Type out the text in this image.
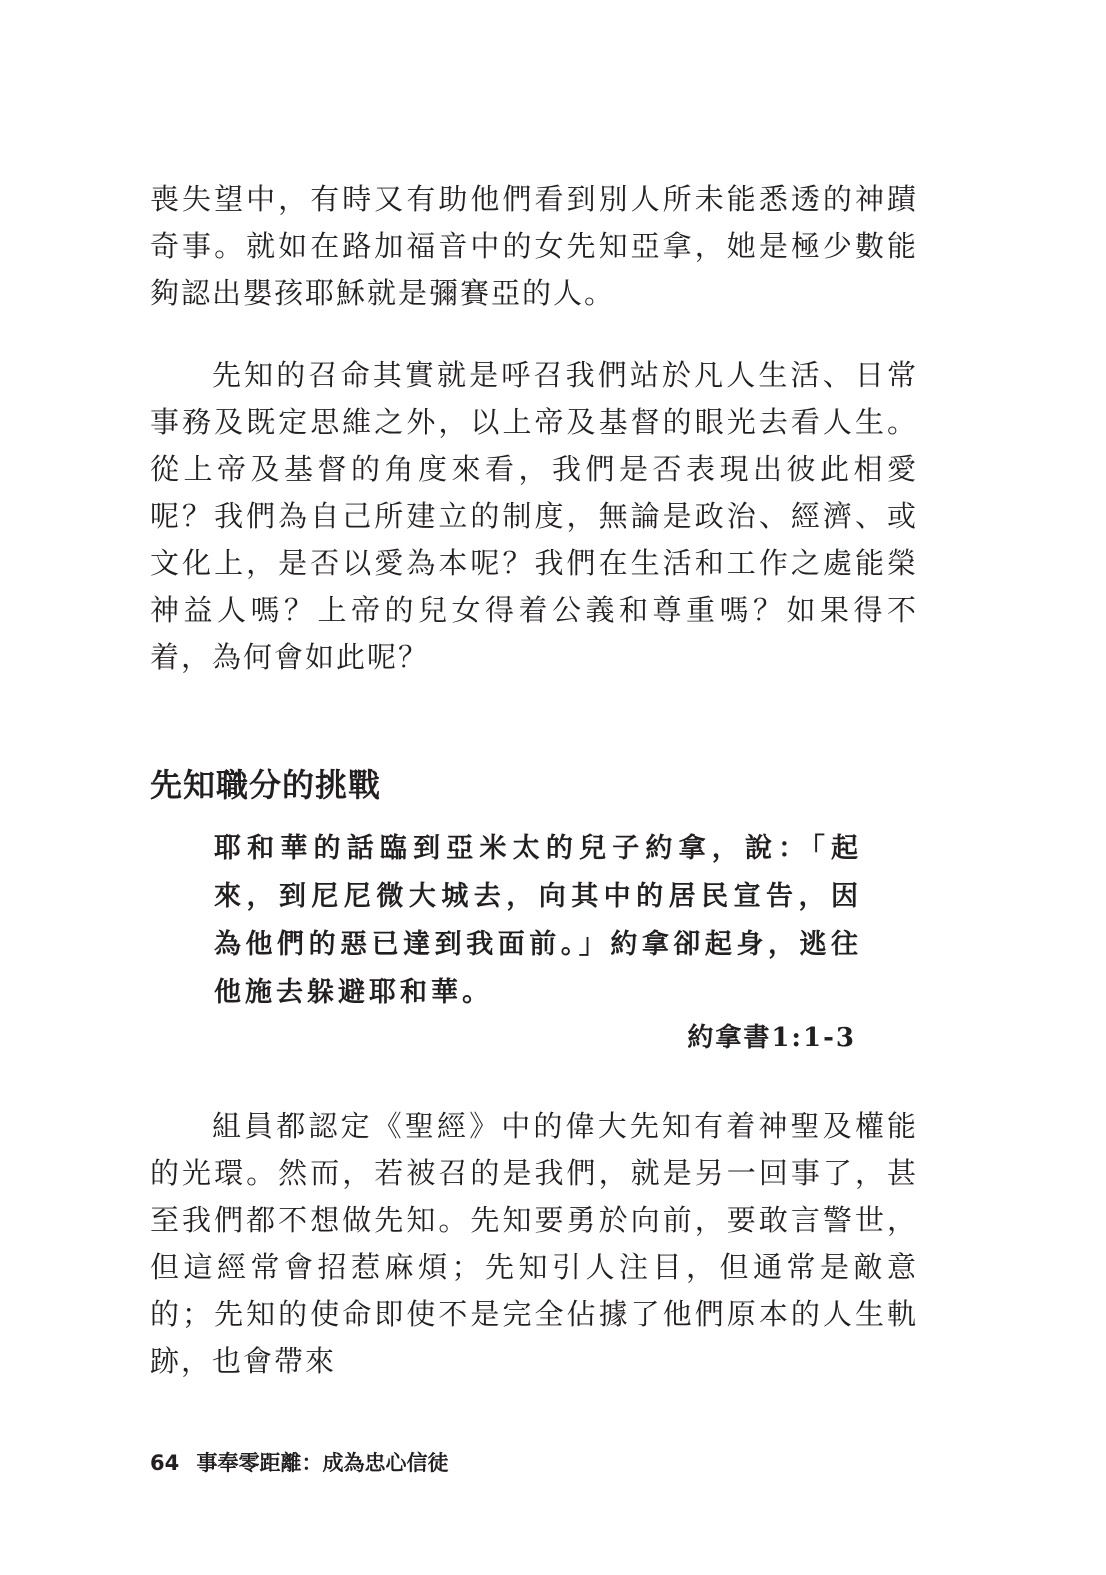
喪失望中，有時又有助他們看到別人所未能悉透的神蹟奇事。就如在路加福音中的女先知亞拿，她是極少數能夠認出嬰孩耶穌就是彌賽亞的人。

先知的召命其實就是呼召我們站於凡人生活、日常事務及既定思維之外，以上帝及基督的眼光去看人生。從上帝及基督的角度來看，我們是否表現出彼此相愛呢？我們為自己所建立的制度，無論是政治、經濟、或文化上，是否以愛為本呢？我們在生活和工作之處能榮神益人嗎？上帝的兒女得着公義和尊重嗎？如果得不着，為何會如此呢？

先知職分的挑戰

耶和華的話臨到亞米太的兒子約拿，說：「起來，到尼尼微大城去，向其中的居民宣告，因為他們的惡已達到我面前。」約拿卻起身，逃往他施去躲避耶和華。

約拿書1:1-3

組員都認定《聖經》中的偉大先知有着神聖及權能的光環。然而，若被召的是我們，就是另一回事了，甚至我們都不想做先知。先知要勇於向前，要敢言警世，但這經常會招惹麻煩；先知引人注目，但通常是敵意的；先知的使命即使不是完全佔據了他們原本的人生軌跡，也會帶來

64 事奉零距離：成為忠心信徒
